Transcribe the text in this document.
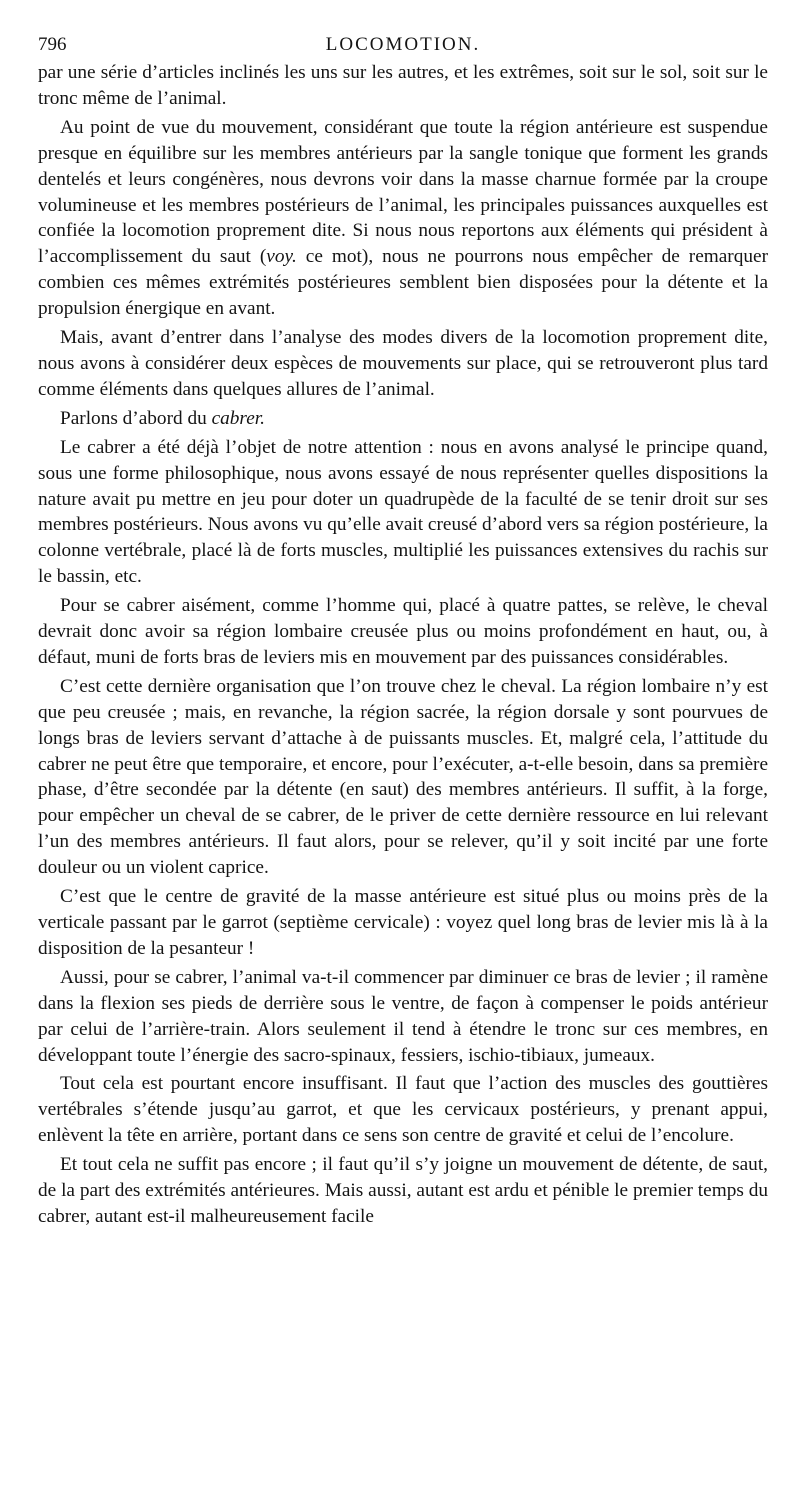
796	LOCOMOTION.

par une série d’articles inclinés les uns sur les autres, et les extrêmes, soit sur le sol, soit sur le tronc même de l’animal.

Au point de vue du mouvement, considérant que toute la région antérieure est suspendue presque en équilibre sur les membres antérieurs par la sangle tonique que forment les grands dentelés et leurs congénères, nous devrons voir dans la masse charnue formée par la croupe volumineuse et les membres postérieurs de l’animal, les principales puissances auxquelles est confiée la locomotion proprement dite. Si nous nous reportons aux éléments qui président à l’accomplissement du saut (voy. ce mot), nous ne pourrons nous empêcher de remarquer combien ces mêmes extrémités postérieures semblent bien disposées pour la détente et la propulsion énergique en avant.

Mais, avant d’entrer dans l’analyse des modes divers de la locomotion proprement dite, nous avons à considérer deux espèces de mouvements sur place, qui se retrouveront plus tard comme éléments dans quelques allures de l’animal.

Parlons d’abord du cabrer.

Le cabrer a été déjà l’objet de notre attention : nous en avons analysé le principe quand, sous une forme philosophique, nous avons essayé de nous représenter quelles dispositions la nature avait pu mettre en jeu pour doter un quadrupède de la faculté de se tenir droit sur ses membres postérieurs. Nous avons vu qu’elle avait creusé d’abord vers sa région postérieure, la colonne vertébrale, placé là de forts muscles, multiplié les puissances extensives du rachis sur le bassin, etc.

Pour se cabrer aisément, comme l’homme qui, placé à quatre pattes, se relève, le cheval devrait donc avoir sa région lombaire creusée plus ou moins profondément en haut, ou, à défaut, muni de forts bras de leviers mis en mouvement par des puissances considérables.

C’est cette dernière organisation que l’on trouve chez le cheval. La région lombaire n’y est que peu creusée ; mais, en revanche, la région sacrée, la région dorsale y sont pourvues de longs bras de leviers servant d’attache à de puissants muscles. Et, malgré cela, l’attitude du cabrer ne peut être que temporaire, et encore, pour l’exécuter, a-t-elle besoin, dans sa première phase, d’être secondée par la détente (en saut) des membres antérieurs. Il suffit, à la forge, pour empêcher un cheval de se cabrer, de le priver de cette dernière ressource en lui relevant l’un des membres antérieurs. Il faut alors, pour se relever, qu’il y soit incité par une forte douleur ou un violent caprice.

C’est que le centre de gravité de la masse antérieure est situé plus ou moins près de la verticale passant par le garrot (septième cervicale) : voyez quel long bras de levier mis là à la disposition de la pesanteur !

Aussi, pour se cabrer, l’animal va-t-il commencer par diminuer ce bras de levier ; il ramène dans la flexion ses pieds de derrière sous le ventre, de façon à compenser le poids antérieur par celui de l’arrière-train. Alors seulement il tend à étendre le tronc sur ces membres, en développant toute l’énergie des sacro-spinaux, fessiers, ischio-tibiaux, jumeaux.

Tout cela est pourtant encore insuffisant. Il faut que l’action des muscles des gouttières vertébrales s’étende jusqu’au garrot, et que les cervicaux postérieurs, y prenant appui, enlèvent la tête en arrière, portant dans ce sens son centre de gravité et celui de l’encolure.

Et tout cela ne suffit pas encore ; il faut qu’il s’y joigne un mouvement de détente, de saut, de la part des extrémités antérieures. Mais aussi, autant est ardu et pénible le premier temps du cabrer, autant est-il malheureusement facile
